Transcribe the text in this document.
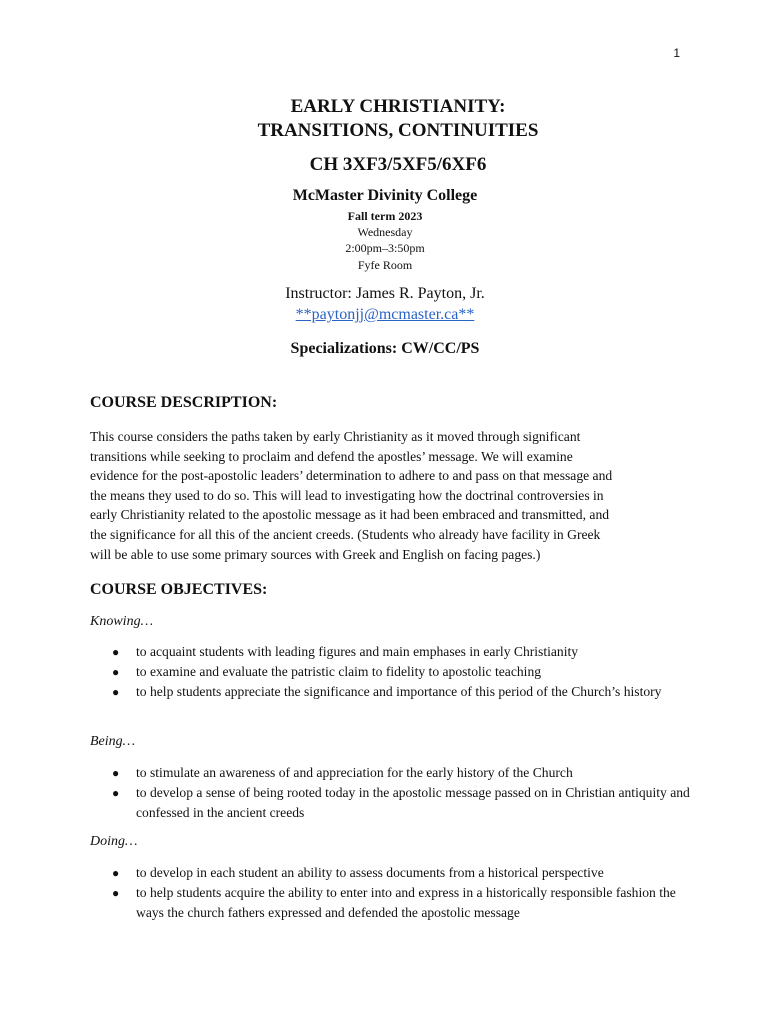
1
EARLY CHRISTIANITY:
TRANSITIONS, CONTINUITIES
CH 3XF3/5XF5/6XF6
McMaster Divinity College
Fall term 2023
Wednesday
2:00pm–3:50pm
Fyfe Room
Instructor: James R. Payton, Jr.
**paytonjj@mcmaster.ca**
Specializations: CW/CC/PS
COURSE DESCRIPTION:
This course considers the paths taken by early Christianity as it moved through significant
transitions while seeking to proclaim and defend the apostles’ message. We will examine
evidence for the post-apostolic leaders’ determination to adhere to and pass on that message and
the means they used to do so. This will lead to investigating how the doctrinal controversies in
early Christianity related to the apostolic message as it had been embraced and transmitted, and
the significance for all this of the ancient creeds. (Students who already have facility in Greek
will be able to use some primary sources with Greek and English on facing pages.)
COURSE OBJECTIVES:
Knowing…
● to acquaint students with leading figures and main emphases in early Christianity
● to examine and evaluate the patristic claim to fidelity to apostolic teaching
● to help students appreciate the significance and importance of this period of the Church’s history
Being…
● to stimulate an awareness of and appreciation for the early history of the Church
● to develop a sense of being rooted today in the apostolic message passed on in Christian antiquity and confessed in the ancient creeds
Doing…
● to develop in each student an ability to assess documents from a historical perspective
● to help students acquire the ability to enter into and express in a historically responsible fashion the ways the church fathers expressed and defended the apostolic message
